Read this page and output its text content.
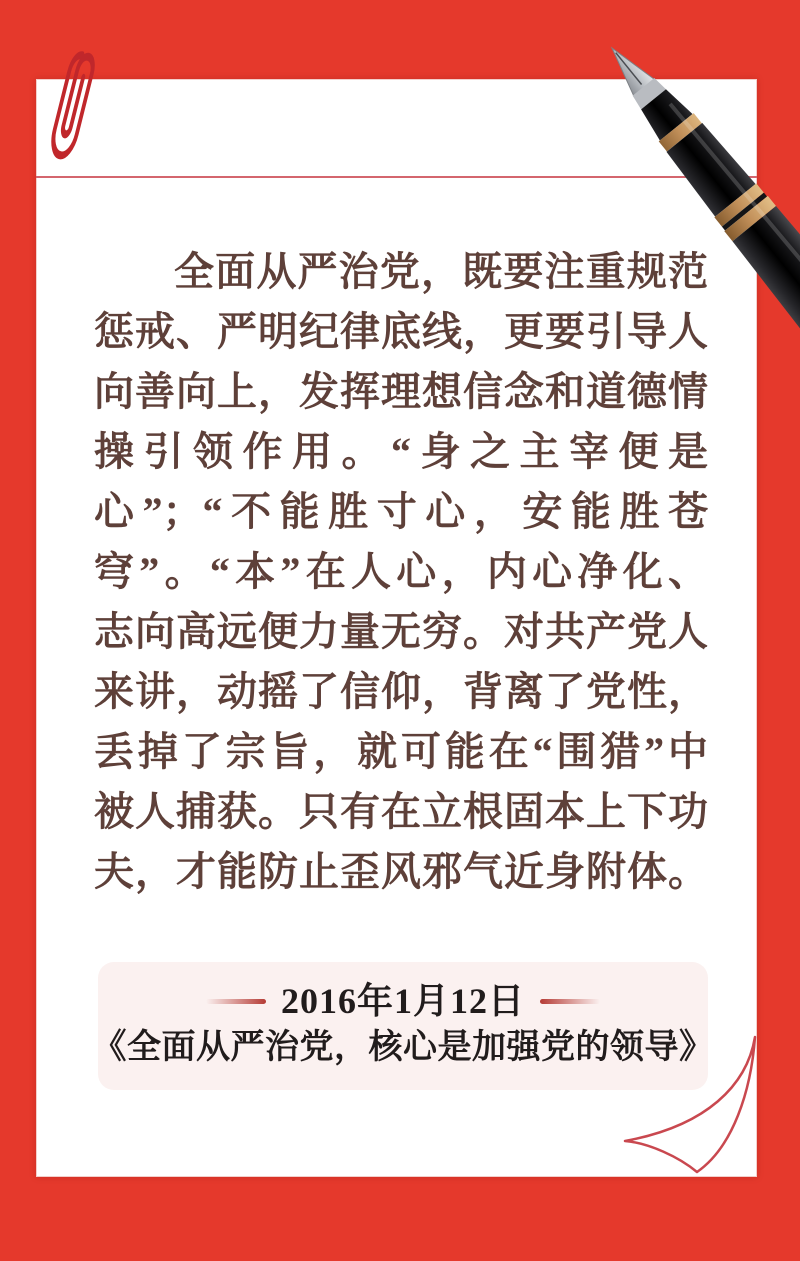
全面从严治党，既要注重规范
惩戒、严明纪律底线，更要引导人
向善向上，发挥理想信念和道德情
操引领作用。“身之主宰便是
心”；“不能胜寸心，安能胜苍
穹”。“本”在人心，内心净化、
志向高远便力量无穷。对共产党人
来讲，动摇了信仰，背离了党性，
丢掉了宗旨，就可能在“围猎”中
被人捕获。只有在立根固本上下功
夫，才能防止歪风邪气近身附体。
2016年1月12日
《全面从严治党，核心是加强党的领导》
